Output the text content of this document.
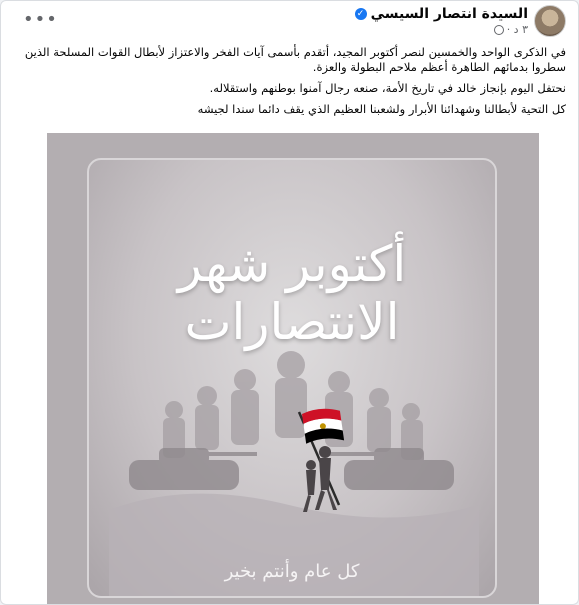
السيدة انتصار السيسي
✓
٣ د ·
•••

في الذكرى الواحد والخمسين لنصر أكتوبر المجيد، أتقدم بأسمى آيات الفخر والاعتزاز لأبطال القوات المسلحة الذين سطروا بدمائهم الطاهرة أعظم ملاحم البطولة والعزة.

نحتفل اليوم بإنجاز خالد في تاريخ الأمة، صنعه رجال آمنوا بوطنهم واستقلاله.

كل التحية لأبطالنا وشهدائنا الأبرار ولشعبنا العظيم الذي يقف دائما سندا لجيشه

أكتوبر شهر الانتصارات
كل عام وأنتم بخير
